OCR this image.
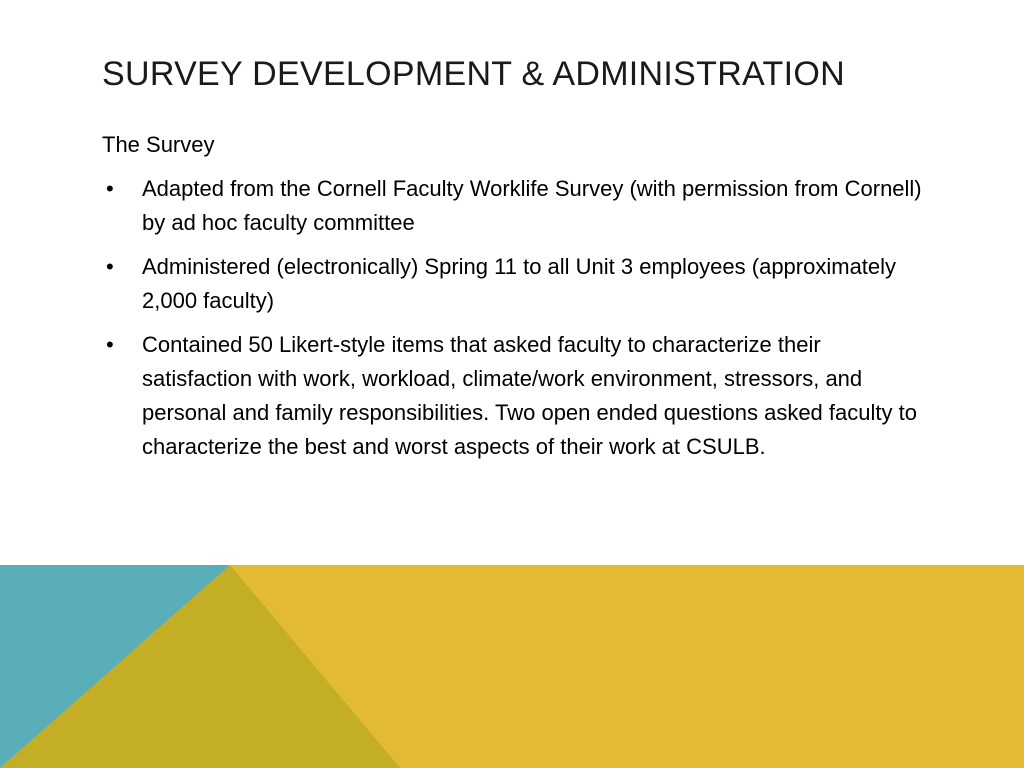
SURVEY DEVELOPMENT & ADMINISTRATION

The Survey

• Adapted from the Cornell Faculty Worklife Survey (with permission from Cornell) by ad hoc faculty committee
• Administered (electronically) Spring 11 to all Unit 3 employees (approximately 2,000 faculty)
• Contained 50 Likert-style items that asked faculty to characterize their satisfaction with work, workload, climate/work environment, stressors, and personal and family responsibilities. Two open ended questions asked faculty to characterize the best and worst aspects of their work at CSULB.
